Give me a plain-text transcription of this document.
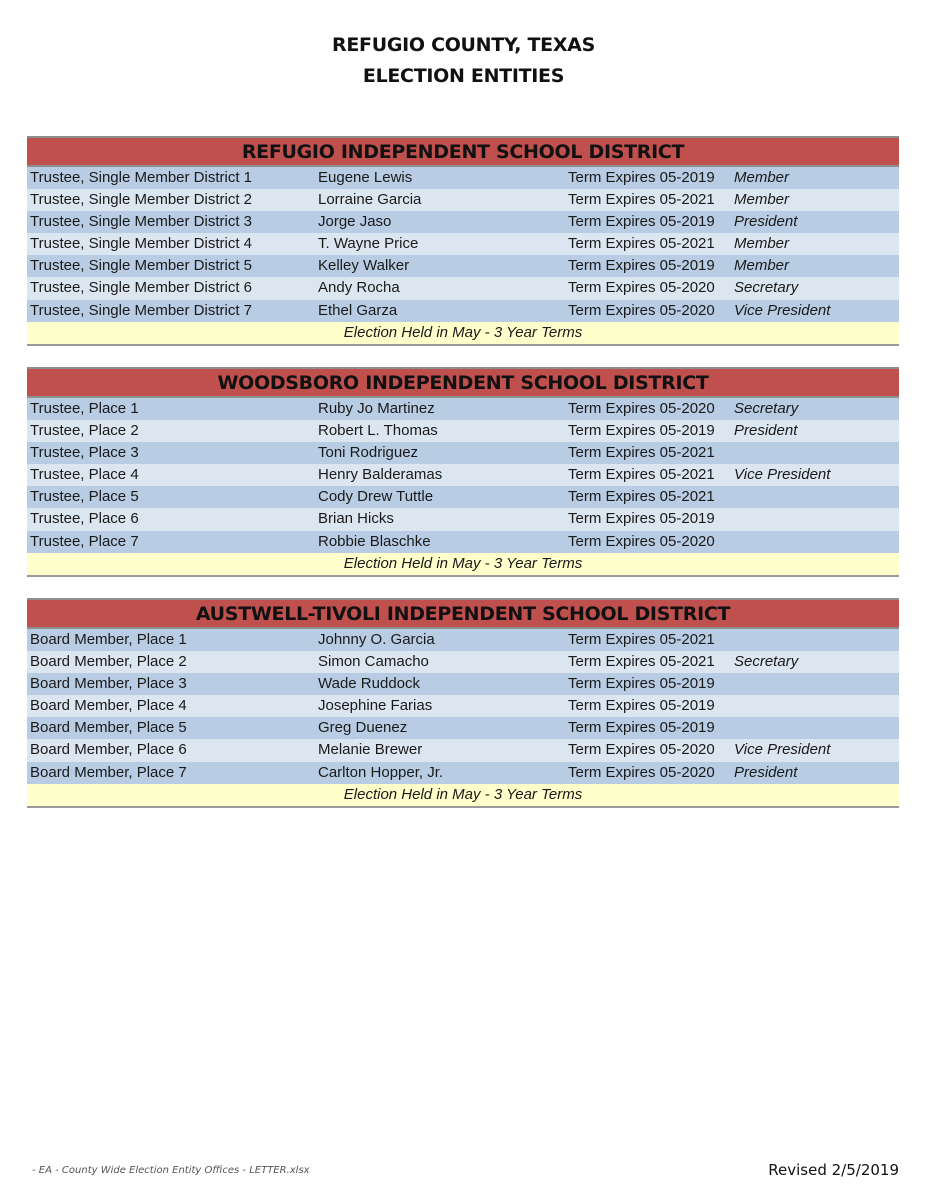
REFUGIO COUNTY, TEXAS
ELECTION ENTITIES
REFUGIO INDEPENDENT SCHOOL DISTRICT
Trustee, Single Member District 1	Eugene Lewis	Term Expires 05-2019 Member
Trustee, Single Member District 2	Lorraine Garcia	Term Expires 05-2021 Member
Trustee, Single Member District 3	Jorge Jaso	Term Expires 05-2019 President
Trustee, Single Member District 4	T. Wayne Price	Term Expires 05-2021 Member
Trustee, Single Member District 5	Kelley Walker	Term Expires 05-2019 Member
Trustee, Single Member District 6	Andy Rocha	Term Expires 05-2020 Secretary
Trustee, Single Member District 7	Ethel Garza	Term Expires 05-2020 Vice President
Election Held in May - 3 Year Terms
WOODSBORO INDEPENDENT SCHOOL DISTRICT
Trustee, Place 1	Ruby Jo Martinez	Term Expires 05-2020 Secretary
Trustee, Place 2	Robert L. Thomas	Term Expires 05-2019 President
Trustee, Place 3	Toni Rodriguez	Term Expires 05-2021
Trustee, Place 4	Henry Balderamas	Term Expires 05-2021 Vice President
Trustee, Place 5	Cody Drew Tuttle	Term Expires 05-2021
Trustee, Place 6	Brian Hicks	Term Expires 05-2019
Trustee, Place 7	Robbie Blaschke	Term Expires 05-2020
Election Held in May - 3 Year Terms
AUSTWELL-TIVOLI INDEPENDENT SCHOOL DISTRICT
Board Member, Place 1	Johnny O. Garcia	Term Expires 05-2021
Board Member, Place 2	Simon Camacho	Term Expires 05-2021 Secretary
Board Member, Place 3	Wade Ruddock	Term Expires 05-2019
Board Member, Place 4	Josephine Farias	Term Expires 05-2019
Board Member, Place 5	Greg Duenez	Term Expires 05-2019
Board Member, Place 6	Melanie Brewer	Term Expires 05-2020 Vice President
Board Member, Place 7	Carlton Hopper, Jr.	Term Expires 05-2020 President
Election Held in May - 3 Year Terms
- EA - County Wide Election Entity Offices - LETTER.xlsx	Revised 2/5/2019
